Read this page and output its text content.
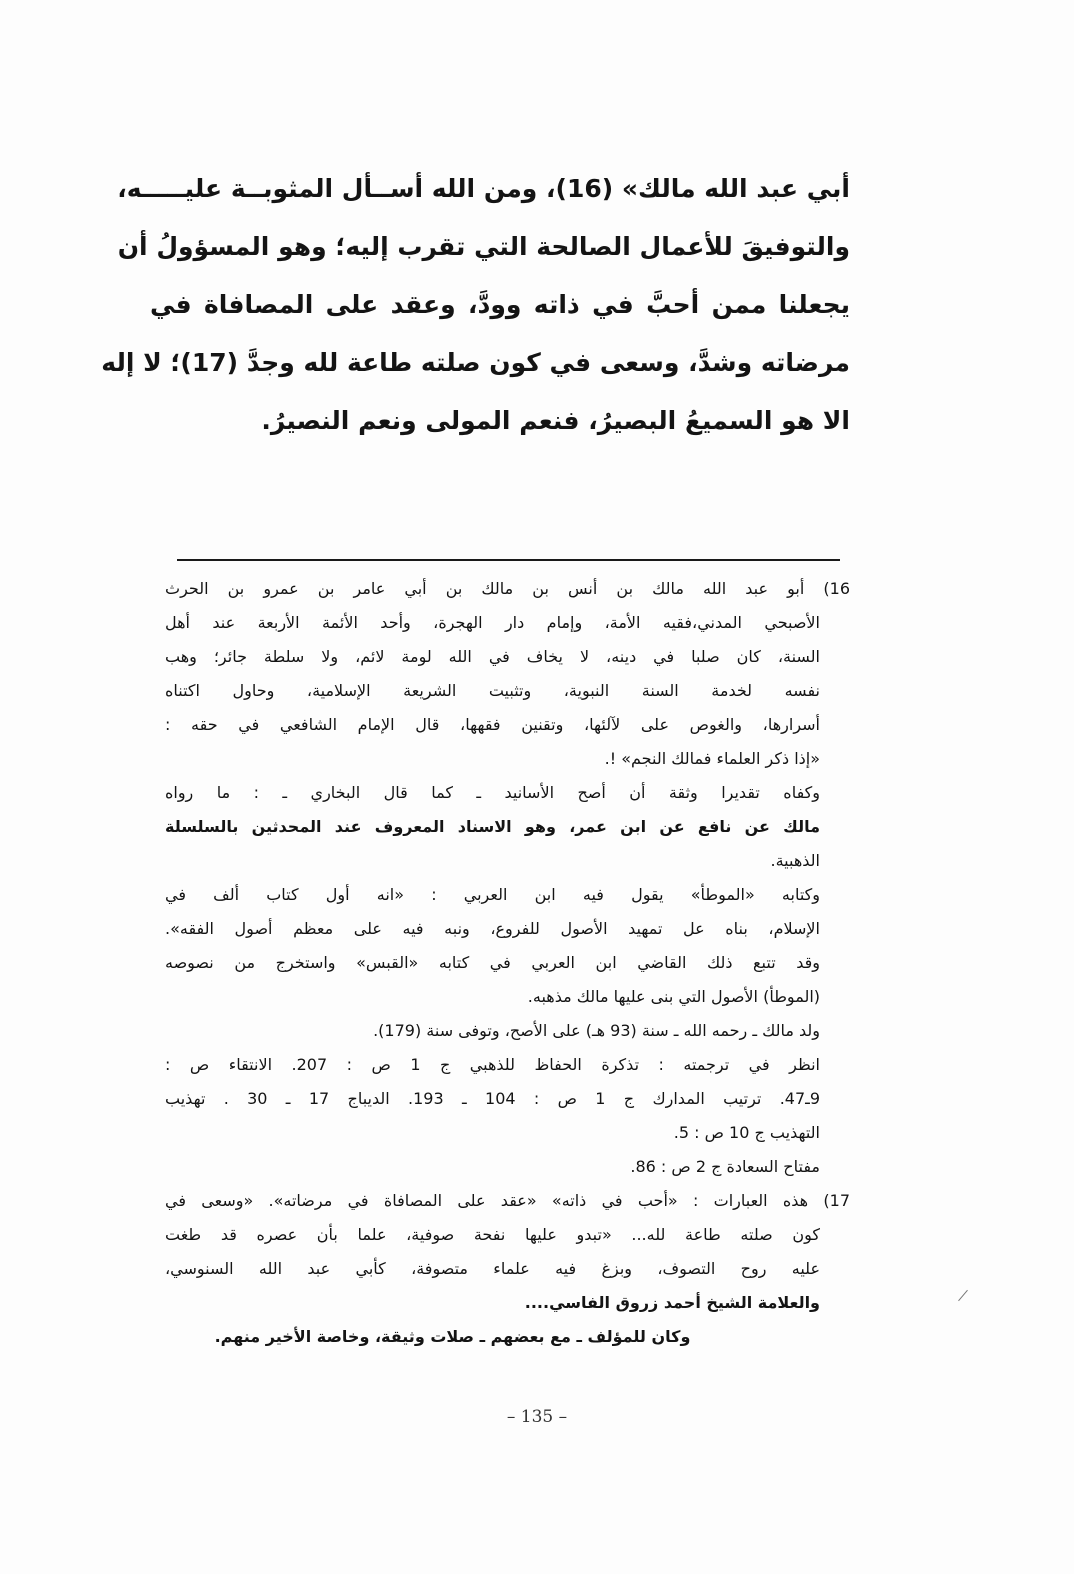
أبي عبد الله مالك» (16)، ومن الله أســأل المثوبــة عليـــــه،
والتوفيقَ للأعمال الصالحة التي تقرب إليه؛ وهو المسؤولُ أن
يجعلنا ممن أحبَّ في ذاته وودَّ، وعقد على المصافاة في
مرضاته وشدَّ، وسعى في كون صلته طاعة لله وجدَّ (17)؛ لا إله
الا هو السميعُ البصيرُ، فنعم المولى ونعم النصيرُ.
16) أبو عبد الله مالك بن أنس بن مالك بن أبي عامر بن عمرو بن الحرث
الأصبحي المدني،فقيه الأمة، وإمام دار الهجرة، وأحد الأئمة الأربعة عند أهل
السنة، كان صلبا في دينه، لا يخاف في الله لومة لائم، ولا سلطة جائر؛ وهب
نفسه لخدمة السنة النبوية، وتثبيت الشريعة الإسلامية، وحاول اكتناه
أسرارها، والغوص على لآلئها، وتقنين فقهها، قال الإمام الشافعي في حقه :
«إذا ذكر العلماء فمالك النجم» !.
وكفاه تقديرا وثقة أن أصح الأسانيد ـ كما قال البخاري ـ : ما رواه
مالك عن نافع عن ابن عمر، وهو الاسناد المعروف عند المحدثين بالسلسلة
الذهبية.
وكتابه «الموطأ» يقول فيه ابن العربي : «انه أول كتاب ألف في
الإسلام، بناه عل تمهيد الأصول للفروع، ونبه فيه على معظم أصول الفقه».
وقد تتبع ذلك القاضي ابن العربي في كتابه «القبس» واستخرج من نصوصه
(الموطأ) الأصول التي بنى عليها مالك مذهبه.
ولد مالك ـ رحمه الله ـ سنة (93 هـ) على الأصح، وتوفى سنة (179).
انظر في ترجمته : تذكرة الحفاظ للذهبي ج 1 ص : 207. الانتقاء ص :
9ـ47. ترتيب المدارك ج 1 ص : 104 ـ 193. الديباج 17 ـ 30 . تهذيب
التهذيب ج 10 ص : 5.
مفتاح السعادة ج 2 ص : 86.
17) هذه العبارات : «أحب في ذاته» «عقد على المصافاة في مرضاته». «وسعى في
كون صلته طاعة لله... «تبدو عليها نفحة صوفية، علما بأن عصره قد طغت
عليه روح التصوف، وبزغ فيه علماء متصوفة، كأبي عبد الله السنوسي،
والعلامة الشيخ أحمد زروق الفاسي....
وكان للمؤلف ـ مع بعضهم ـ صلات وثيقة، وخاصة الأخير منهم.
– 135 –
